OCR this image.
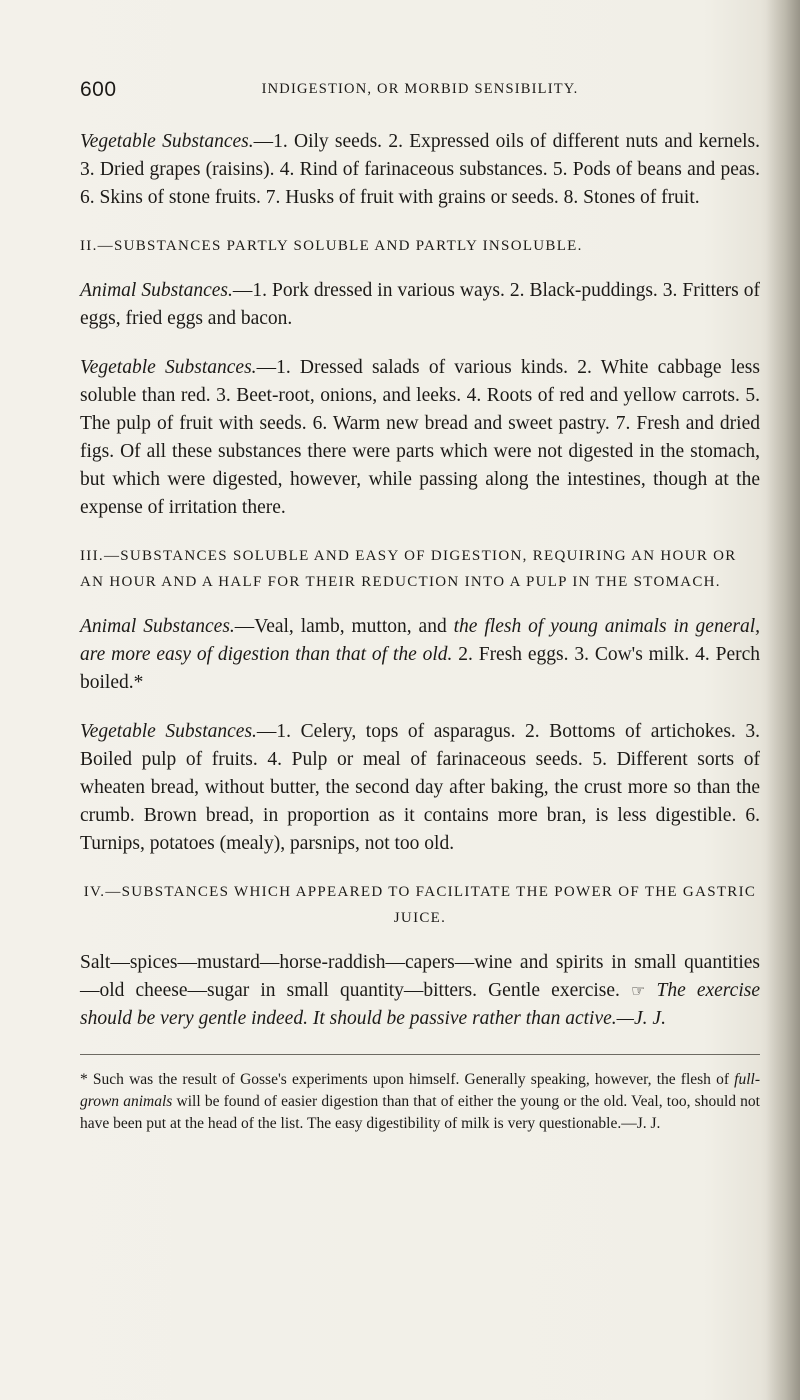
600	INDIGESTION, OR MORBID SENSIBILITY.

Vegetable Substances.—1. Oily seeds. 2. Expressed oils of different nuts and kernels. 3. Dried grapes (raisins). 4. Rind of farinaceous substances. 5. Pods of beans and peas. 6. Skins of stone fruits. 7. Husks of fruit with grains or seeds. 8. Stones of fruit.

II.—SUBSTANCES PARTLY SOLUBLE AND PARTLY INSOLUBLE.

Animal Substances.—1. Pork dressed in various ways. 2. Black-puddings. 3. Fritters of eggs, fried eggs and bacon.

Vegetable Substances.—1. Dressed salads of various kinds. 2. White cabbage less soluble than red. 3. Beet-root, onions, and leeks. 4. Roots of red and yellow carrots. 5. The pulp of fruit with seeds. 6. Warm new bread and sweet pastry. 7. Fresh and dried figs. Of all these substances there were parts which were not digested in the stomach, but which were digested, however, while passing along the intestines, though at the expense of irritation there.

III.—SUBSTANCES SOLUBLE AND EASY OF DIGESTION, REQUIRING AN HOUR OR AN HOUR AND A HALF FOR THEIR REDUCTION INTO A PULP IN THE STOMACH.

Animal Substances.—Veal, lamb, mutton, and the flesh of young animals in general, are more easy of digestion than that of the old. 2. Fresh eggs. 3. Cow's milk. 4. Perch boiled.*

Vegetable Substances.—1. Celery, tops of asparagus. 2. Bottoms of artichokes. 3. Boiled pulp of fruits. 4. Pulp or meal of farinaceous seeds. 5. Different sorts of wheaten bread, without butter, the second day after baking, the crust more so than the crumb. Brown bread, in proportion as it contains more bran, is less digestible. 6. Turnips, potatoes (mealy), parsnips, not too old.

IV.—SUBSTANCES WHICH APPEARED TO FACILITATE THE POWER OF THE GASTRIC JUICE.

Salt—spices—mustard—horse-raddish—capers—wine and spirits in small quantities—old cheese—sugar in small quantity—bitters. Gentle exercise. ☞ The exercise should be very gentle indeed. It should be passive rather than active.—J. J.

* Such was the result of Gosse's experiments upon himself. Generally speaking, however, the flesh of full-grown animals will be found of easier digestion than that of either the young or the old. Veal, too, should not have been put at the head of the list. The easy digestibility of milk is very questionable.—J. J.
